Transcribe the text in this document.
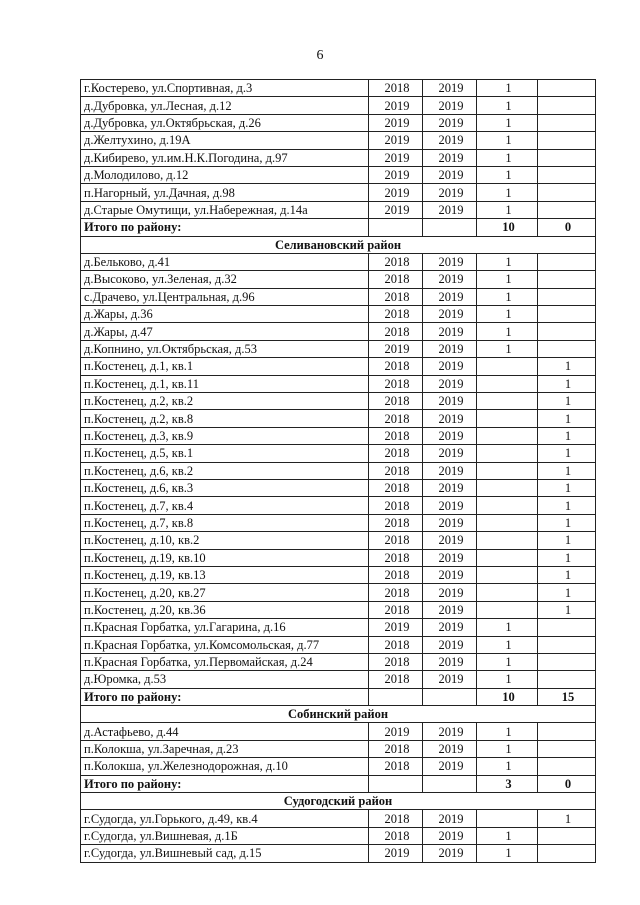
6
г.Костерево, ул.Спортивная, д.3	2018	2019	1	
д.Дубровка, ул.Лесная, д.12	2019	2019	1	
д.Дубровка, ул.Октябрьская, д.26	2019	2019	1	
д.Желтухино, д.19А	2019	2019	1	
д.Кибирево, ул.им.Н.К.Погодина, д.97	2019	2019	1	
д.Молодилово, д.12	2019	2019	1	
п.Нагорный, ул.Дачная, д.98	2019	2019	1	
д.Старые Омутищи, ул.Набережная, д.14а	2019	2019	1	
Итого по району:			10	0
Селивановский район				
д.Бельково, д.41	2018	2019	1	
д.Высоково, ул.Зеленая, д.32	2018	2019	1	
с.Драчево, ул.Центральная, д.96	2018	2019	1	
д.Жары, д.36	2018	2019	1	
д.Жары, д.47	2018	2019	1	
д.Копнино, ул.Октябрьская, д.53	2019	2019	1	
п.Костенец, д.1, кв.1	2018	2019		1
п.Костенец, д.1, кв.11	2018	2019		1
п.Костенец, д.2, кв.2	2018	2019		1
п.Костенец, д.2, кв.8	2018	2019		1
п.Костенец, д.3, кв.9	2018	2019		1
п.Костенец, д.5, кв.1	2018	2019		1
п.Костенец, д.6, кв.2	2018	2019		1
п.Костенец, д.6, кв.3	2018	2019		1
п.Костенец, д.7, кв.4	2018	2019		1
п.Костенец, д.7, кв.8	2018	2019		1
п.Костенец, д.10, кв.2	2018	2019		1
п.Костенец, д.19, кв.10	2018	2019		1
п.Костенец, д.19, кв.13	2018	2019		1
п.Костенец, д.20, кв.27	2018	2019		1
п.Костенец, д.20, кв.36	2018	2019		1
п.Красная Горбатка, ул.Гагарина, д.16	2019	2019	1	
п.Красная Горбатка, ул.Комсомольская, д.77	2018	2019	1	
п.Красная Горбатка, ул.Первомайская, д.24	2018	2019	1	
д.Юромка, д.53	2018	2019	1	
Итого по району:			10	15
Собинский район				
д.Астафьево, д.44	2019	2019	1	
п.Колокша, ул.Заречная, д.23	2018	2019	1	
п.Колокша, ул.Железнодорожная, д.10	2018	2019	1	
Итого по району:			3	0
Судогодский район				
г.Судогда, ул.Горького, д.49, кв.4	2018	2019		1
г.Судогда, ул.Вишневая, д.1Б	2018	2019	1	
г.Судогда, ул.Вишневый сад, д.15	2019	2019	1	
